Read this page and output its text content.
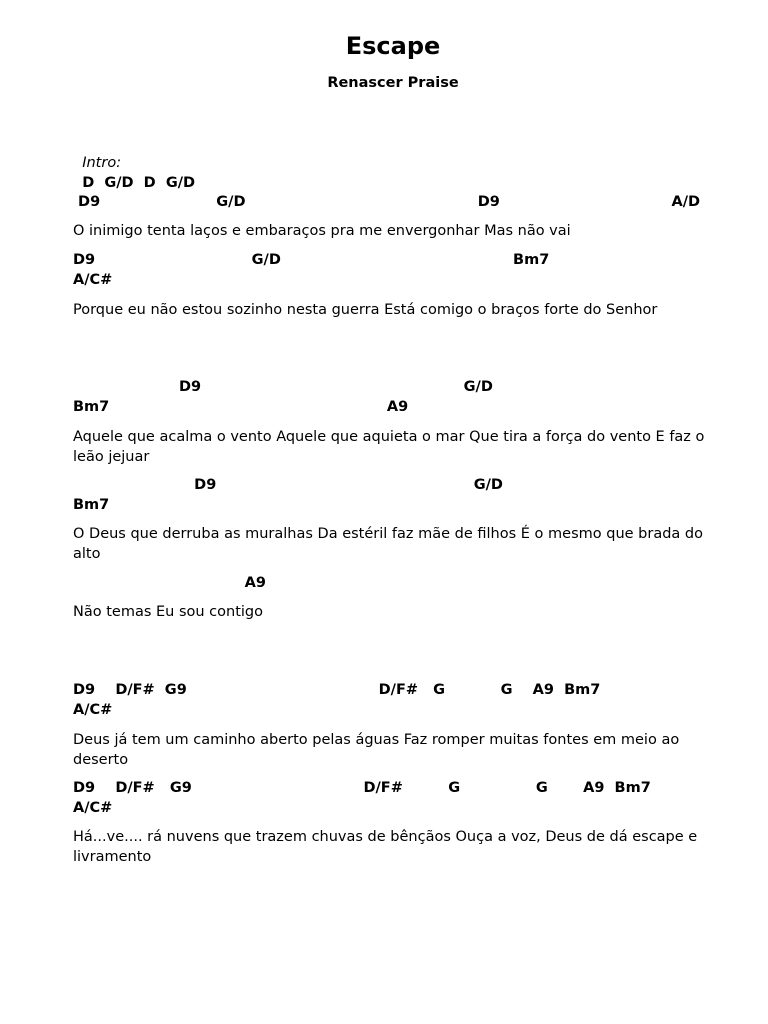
Escape
Renascer Praise

Intro:
D  G/D  D  G/D

D9                       G/D                                              D9                                  A/D
O inimigo tenta laços e embaraços pra me envergonhar Mas não vai
D9                               G/D                                              Bm7
A/C#
Porque eu não estou sozinho nesta guerra Está comigo o braços forte do Senhor
D9                                                    G/D
Bm7                                                       A9
Aquele que acalma o vento Aquele que aquieta o mar Que tira a força do vento E faz o leão jejuar
D9                                                   G/D
Bm7
O Deus que derruba as muralhas Da estéril faz mãe de filhos É o mesmo que brada do alto
A9
Não temas Eu sou contigo
D9    D/F#  G9                                      D/F#   G           G    A9  Bm7
A/C#
Deus já tem um caminho aberto pelas águas Faz romper muitas fontes em meio ao deserto
D9    D/F#   G9                                  D/F#         G               G       A9  Bm7
A/C#
Há...ve.... rá nuvens que trazem chuvas de bênçãos Ouça a voz, Deus de dá escape e livramento
